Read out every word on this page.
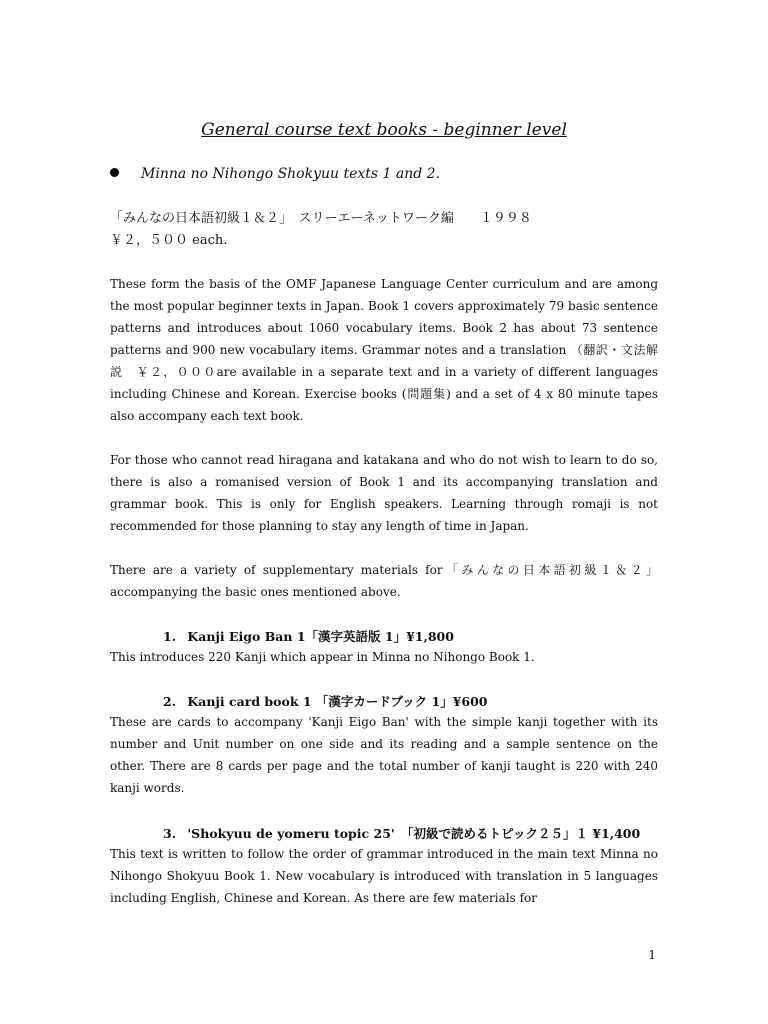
General course text books - beginner level
Minna no Nihongo Shokyuu texts 1 and 2.
「みんなの日本語初級１＆２」　スリーエーネットワーク編　　１９９８
￥２，５００ each.
These form the basis of the OMF Japanese Language Center curriculum and are among the most popular beginner texts in Japan. Book 1 covers approximately 79 basic sentence patterns and introduces about 1060 vocabulary items. Book 2 has about 73 sentence patterns and 900 new vocabulary items. Grammar notes and a translation （翻訳・文法解説　￥２，０００are available in a separate text and in a variety of different languages including Chinese and Korean. Exercise books (問題集) and a set of 4 x 80 minute tapes also accompany each text book.
For those who cannot read hiragana and katakana and who do not wish to learn to do so, there is also a romanised version of Book 1 and its accompanying translation and grammar book. This is only for English speakers. Learning through romaji is not recommended for those planning to stay any length of time in Japan.
There are a variety of supplementary materials for「みんなの日本語初級１＆２」accompanying the basic ones mentioned above.
1. Kanji Eigo Ban 1「漢字英語版 1」¥1,800
This introduces 220 Kanji which appear in Minna no Nihongo Book 1.
2. Kanji card book 1 「漢字カードブック 1」¥600
These are cards to accompany 'Kanji Eigo Ban' with the simple kanji together with its number and Unit number on one side and its reading and a sample sentence on the other. There are 8 cards per page and the total number of kanji taught is 220 with 240 kanji words.
3. 'Shokyuu de yomeru topic 25'　「初級で読めるトピック２５」１ ¥1,400
This text is written to follow the order of grammar introduced in the main text Minna no Nihongo Shokyuu Book 1. New vocabulary is introduced with translation in 5 languages including English, Chinese and Korean. As there are few materials for
1
